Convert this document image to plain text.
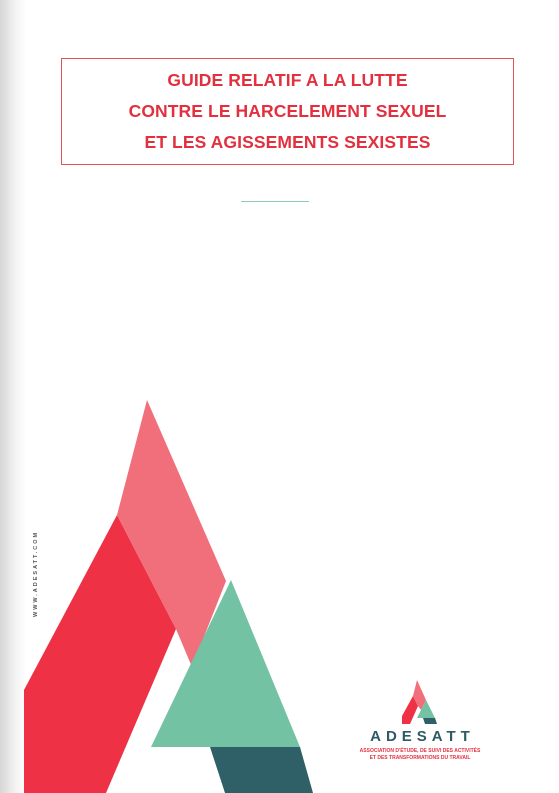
GUIDE RELATIF A LA LUTTE
CONTRE LE HARCELEMENT SEXUEL
ET LES AGISSEMENTS SEXISTES
WWW.ADESATT.COM
ADESATT
ASSOCIATION D'ÉTUDE, DE SUIVI DES ACTIVITÉS
ET DES TRANSFORMATIONS DU TRAVAIL
